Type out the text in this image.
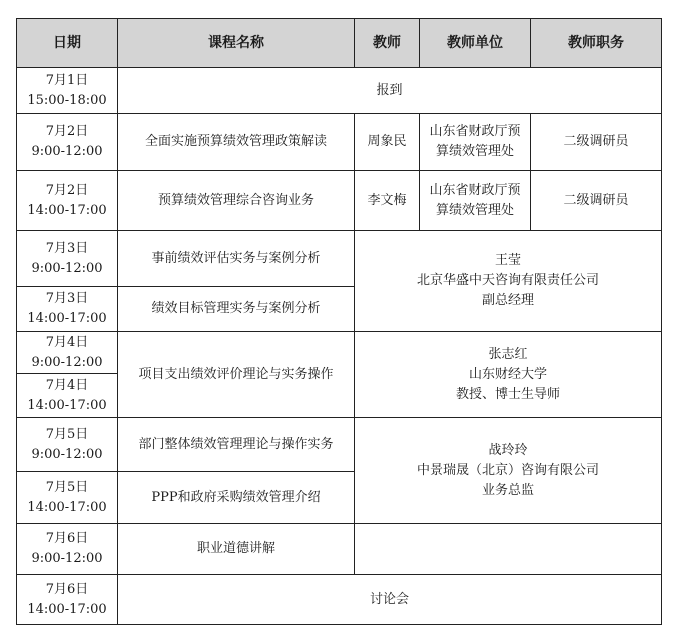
日期	课程名称	教师	教师单位	教师职务

7月1日
15:00-18:00	报到			

7月2日
9:00-12:00	全面实施预算绩效管理政策解读	周象民	山东省财政厅预
算绩效管理处	二级调研员

7月2日
14:00-17:00	预算绩效管理综合咨询业务	李文梅	山东省财政厅预
算绩效管理处	二级调研员

7月3日
9:00-12:00	事前绩效评估实务与案例分析	王莹
北京华盛中天咨询有限责任公司
副总经理		

7月3日
14:00-17:00	绩效目标管理实务与案例分析			

7月4日
9:00-12:00	项目支出绩效评价理论与实务操作	张志红
山东财经大学
教授、博士生导师		

7月4日
14:00-17:00				

7月5日
9:00-12:00	部门整体绩效管理理论与操作实务	战玲玲
中景瑞晟（北京）咨询有限公司
业务总监		

7月5日
14:00-17:00	PPP和政府采购绩效管理介绍			

7月6日
9:00-12:00	职业道德讲解			

7月6日
14:00-17:00	讨论会			
